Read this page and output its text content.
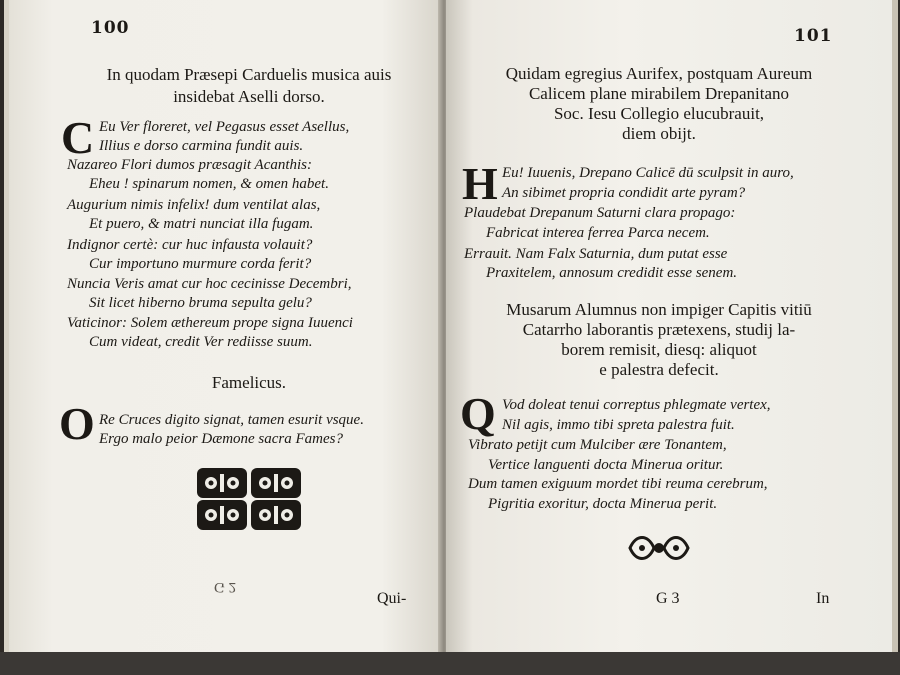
100
In quodam Præsepi Carduelis musica auis
insidebat Aselli dorso.
C Eu Ver floreret, vel Pegasus esset Asellus,
Illius e dorso carmina fundit auis.
Nazareo Flori dumos præsagit Acanthis:
Eheu ! spinarum nomen, & omen habet.
Augurium nimis infelix! dum ventilat alas,
Et puero, & matri nunciat illa fugam.
Indignor certè: cur huc infausta volauit?
Cur importuno murmure corda ferit?
Nuncia Veris amat cur hoc cecinisse Decembri,
Sit licet hiberno bruma sepulta gelu?
Vaticinor: Solem æthereum prope signa Iuuenci
Cum videat, credit Ver rediisse suum.
Famelicus.
O Re Cruces digito signat, tamen esurit vsque.
Ergo malo peior Dæmone sacra Fames?
G 2
Qui-
101
Quidam egregius Aurifex, postquam Aureum
Calicem plane mirabilem Drepanitano
Soc. Iesu Collegio elucubrauit,
diem obijt.
H Eu! Iuuenis, Drepano Calicē dū sculpsit in auro,
An sibimet propria condidit arte pyram?
Plaudebat Drepanum Saturni clara propago:
Fabricat interea ferrea Parca necem.
Errauit. Nam Falx Saturnia, dum putat esse
Praxitelem, annosum credidit esse senem.
Musarum Alumnus non impiger Capitis vitiū
Catarrho laborantis prætexens, studij la-
borem remisit, diesq: aliquot
e palestra defecit.
Q Vod doleat tenui correptus phlegmate vertex,
Nil agis, immo tibi spreta palestra fuit.
Vibrato petijt cum Mulciber ære Tonantem,
Vertice languenti docta Minerua oritur.
Dum tamen exiguum mordet tibi reuma cerebrum,
Pigritia exoritur, docta Minerua perit.
G 3	In
